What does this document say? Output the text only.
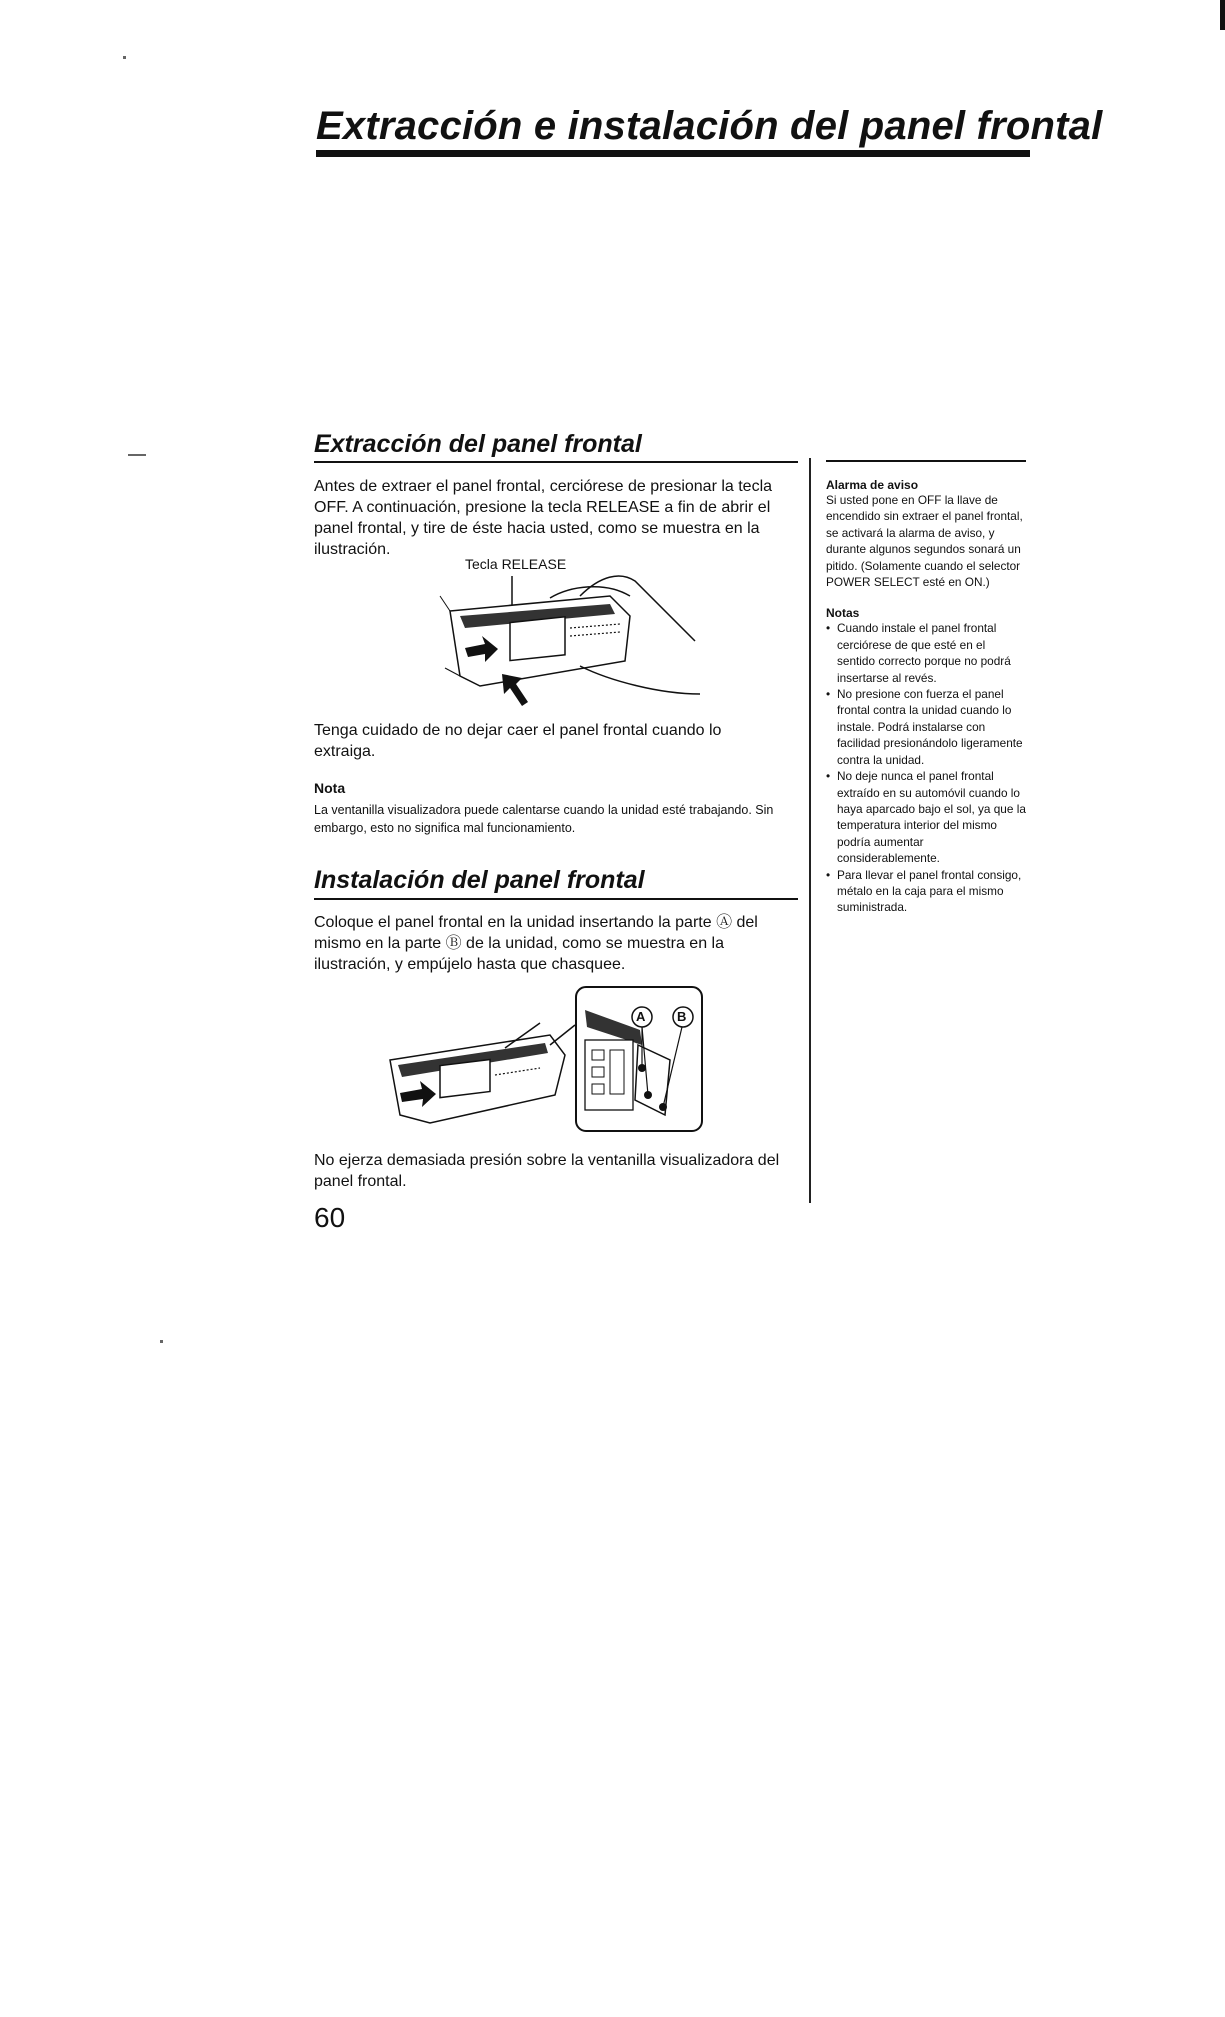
Extracción e instalación del panel frontal
Extracción del panel frontal

Antes de extraer el panel frontal, cerciórese de presionar la tecla OFF. A continuación, presione la tecla RELEASE a fin de abrir el panel frontal, y tire de éste hacia usted, como se muestra en la ilustración.

Tecla RELEASE

Tenga cuidado de no dejar caer el panel frontal cuando lo extraiga.

Nota

La ventanilla visualizadora puede calentarse cuando la unidad esté trabajando. Sin embargo, esto no significa mal funcionamiento.

Instalación del panel frontal

Coloque el panel frontal en la unidad insertando la parte Ⓐ del mismo en la parte Ⓑ de la unidad, como se muestra en la ilustración, y empújelo hasta que chasquee.

A B

No ejerza demasiada presión sobre la ventanilla visualizadora del panel frontal.

60

Alarma de aviso

Si usted pone en OFF la llave de encendido sin extraer el panel frontal, se activará la alarma de aviso, y durante algunos segundos sonará un pitido. (Solamente cuando el selector POWER SELECT esté en ON.)

Notas

• Cuando instale el panel frontal cerciórese de que esté en el sentido correcto porque no podrá insertarse al revés.
• No presione con fuerza el panel frontal contra la unidad cuando lo instale. Podrá instalarse con facilidad presionándolo ligeramente contra la unidad.
• No deje nunca el panel frontal extraído en su automóvil cuando lo haya aparcado bajo el sol, ya que la temperatura interior del mismo podría aumentar considerablemente.
• Para llevar el panel frontal consigo, métalo en la caja para el mismo suministrada.
